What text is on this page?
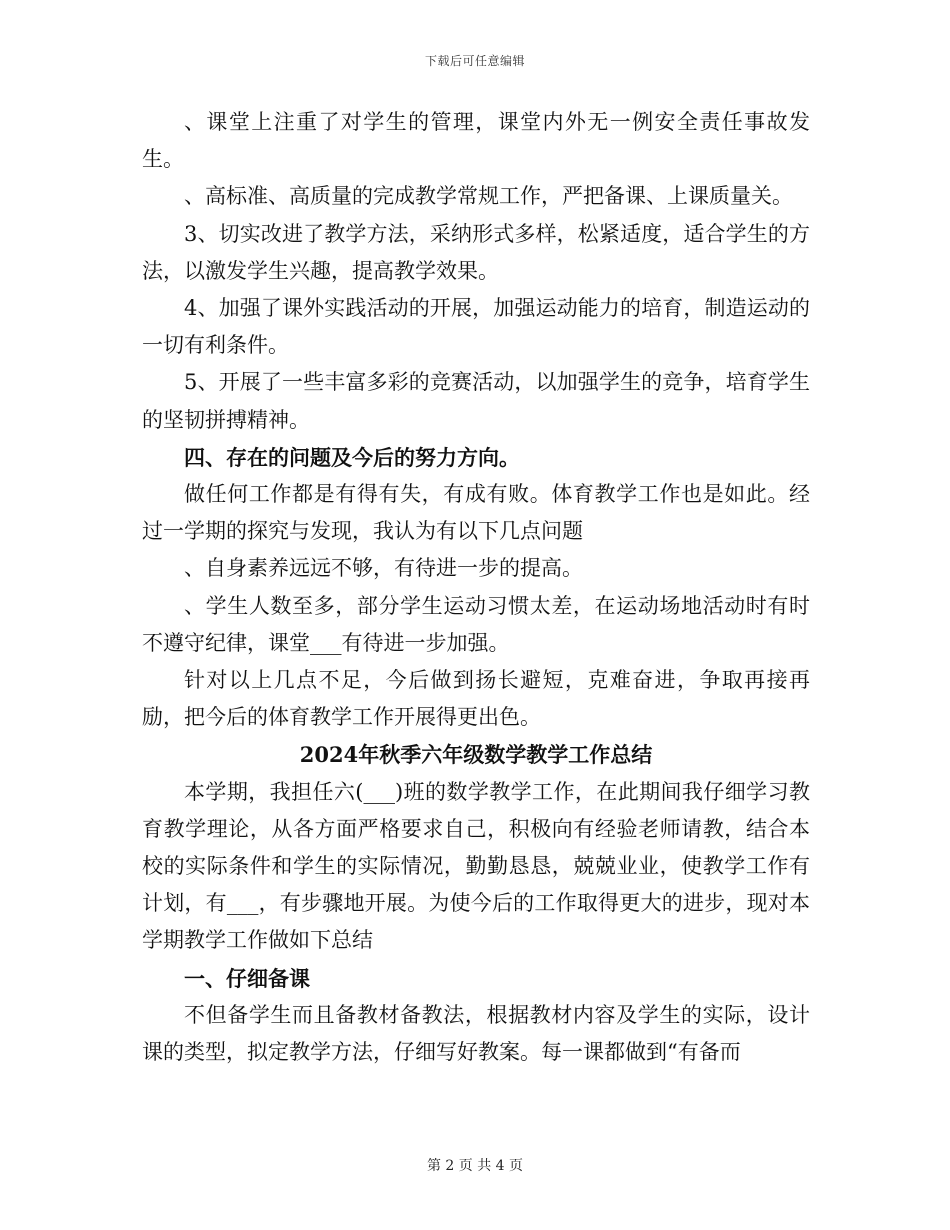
下载后可任意编辑

、课堂上注重了对学生的管理，课堂内外无一例安全责任事故发生。

、高标准、高质量的完成教学常规工作，严把备课、上课质量关。

3、切实改进了教学方法，采纳形式多样，松紧适度，适合学生的方法，以激发学生兴趣，提高教学效果。

4、加强了课外实践活动的开展，加强运动能力的培育，制造运动的一切有利条件。

5、开展了一些丰富多彩的竞赛活动，以加强学生的竞争，培育学生的坚韧拼搏精神。

四、存在的问题及今后的努力方向。

做任何工作都是有得有失，有成有败。体育教学工作也是如此。经过一学期的探究与发现，我认为有以下几点问题

、自身素养远远不够，有待进一步的提高。

、学生人数至多，部分学生运动习惯太差，在运动场地活动时有时不遵守纪律，课堂___有待进一步加强。

针对以上几点不足，今后做到扬长避短，克难奋进，争取再接再励，把今后的体育教学工作开展得更出色。

2024年秋季六年级数学教学工作总结

本学期，我担任六(___)班的数学教学工作，在此期间我仔细学习教育教学理论，从各方面严格要求自己，积极向有经验老师请教，结合本校的实际条件和学生的实际情况，勤勤恳恳，兢兢业业，使教学工作有计划，有___，有步骤地开展。为使今后的工作取得更大的进步，现对本学期教学工作做如下总结

一、仔细备课

不但备学生而且备教材备教法，根据教材内容及学生的实际，设计课的类型，拟定教学方法，仔细写好教案。每一课都做到“有备而

第 2 页 共 4 页
